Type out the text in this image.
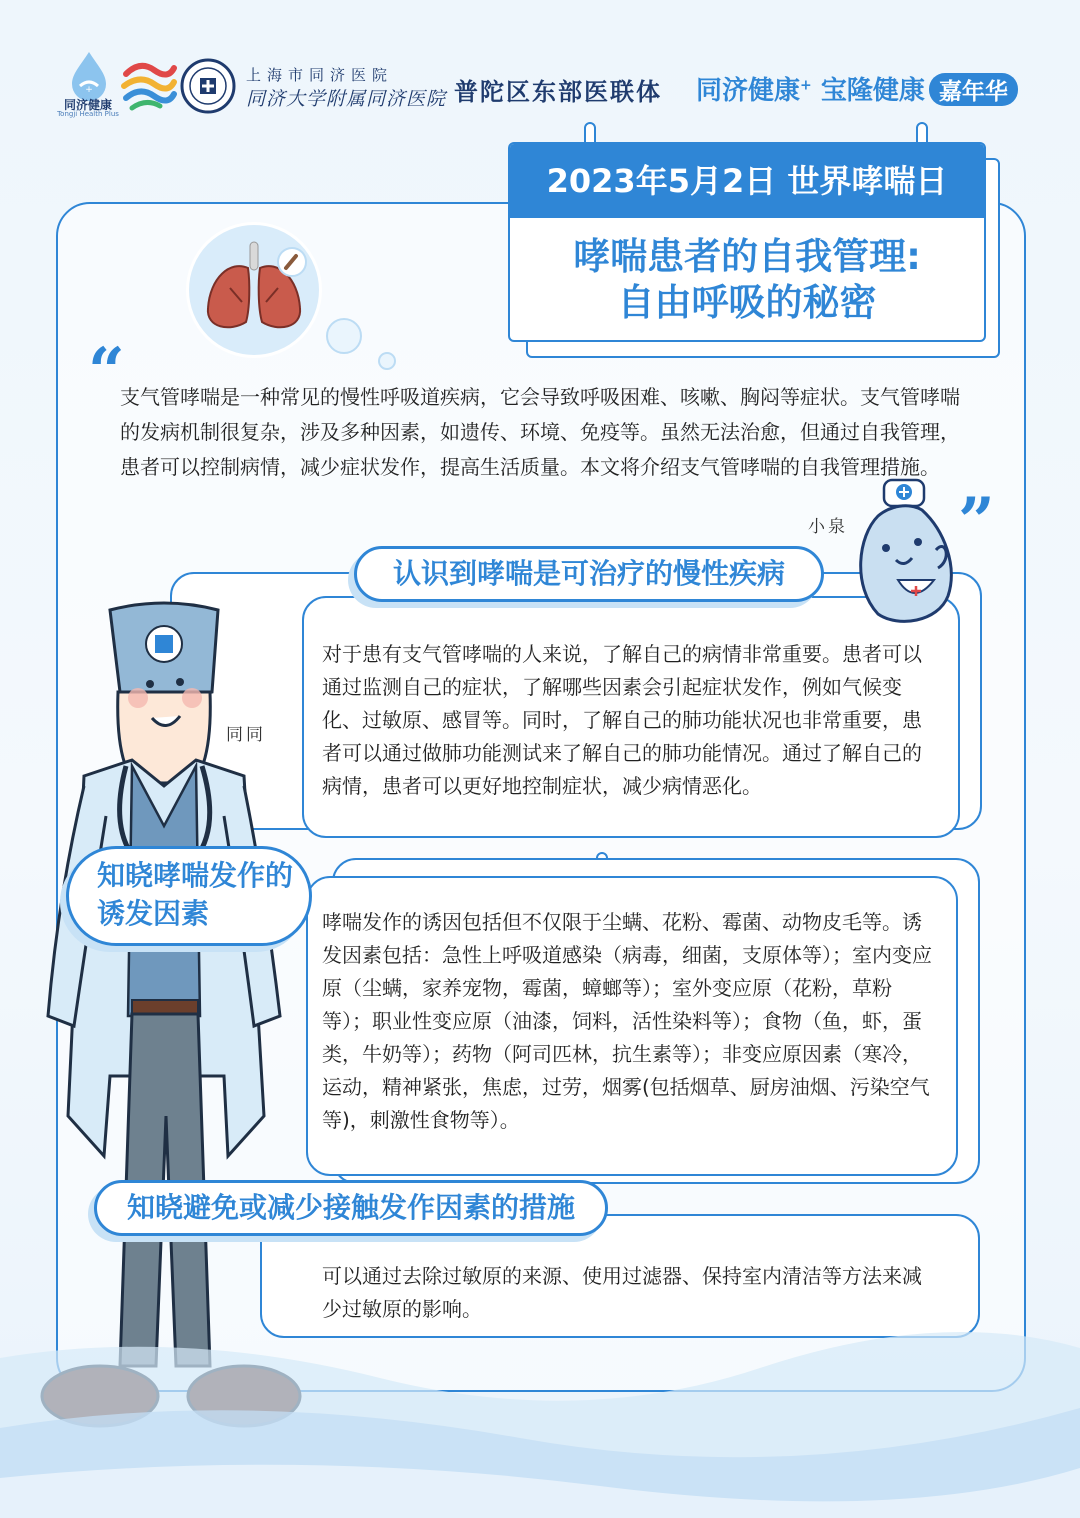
+
同济健康
Tongji Health Plus
上海市同济医院
同济大学附属同济医院 普陀区东部医联体 同济健康+ 宝隆健康 嘉年华
2023年5月2日 世界哮喘日
哮喘患者的自我管理:
自由呼吸的秘密
“
支气管哮喘是一种常见的慢性呼吸道疾病，它会导致呼吸困难、咳嗽、胸闷等症状。支气管哮喘的发病机制很复杂，涉及多种因素，如遗传、环境、免疫等。虽然无法治愈，但通过自我管理，患者可以控制病情，减少症状发作，提高生活质量。本文将介绍支气管哮喘的自我管理措施。
”
对于患有支气管哮喘的人来说，了解自己的病情非常重要。患者可以通过监测自己的症状，了解哪些因素会引起症状发作，例如气候变化、过敏原、感冒等。同时，了解自己的肺功能状况也非常重要，患者可以通过做肺功能测试来了解自己的肺功能情况。通过了解自己的病情，患者可以更好地控制症状，减少病情恶化。
认识到哮喘是可治疗的慢性疾病
小泉
哮喘发作的诱因包括但不仅限于尘螨、花粉、霉菌、动物皮毛等。诱发因素包括：急性上呼吸道感染（病毒，细菌，支原体等）；室内变应原（尘螨，家养宠物，霉菌，蟑螂等）；室外变应原（花粉，草粉等）；职业性变应原（油漆，饲料，活性染料等）；食物（鱼，虾，蛋类，牛奶等）；药物（阿司匹林，抗生素等）；非变应原因素（寒冷，运动，精神紧张，焦虑，过劳，烟雾(包括烟草、厨房油烟、污染空气等)，刺激性食物等）。
可以通过去除过敏原的来源、使用过滤器、保持室内清洁等方法来减少过敏原的影响。
同同
知晓哮喘发作的诱发因素
知晓避免或减少接触发作因素的措施
